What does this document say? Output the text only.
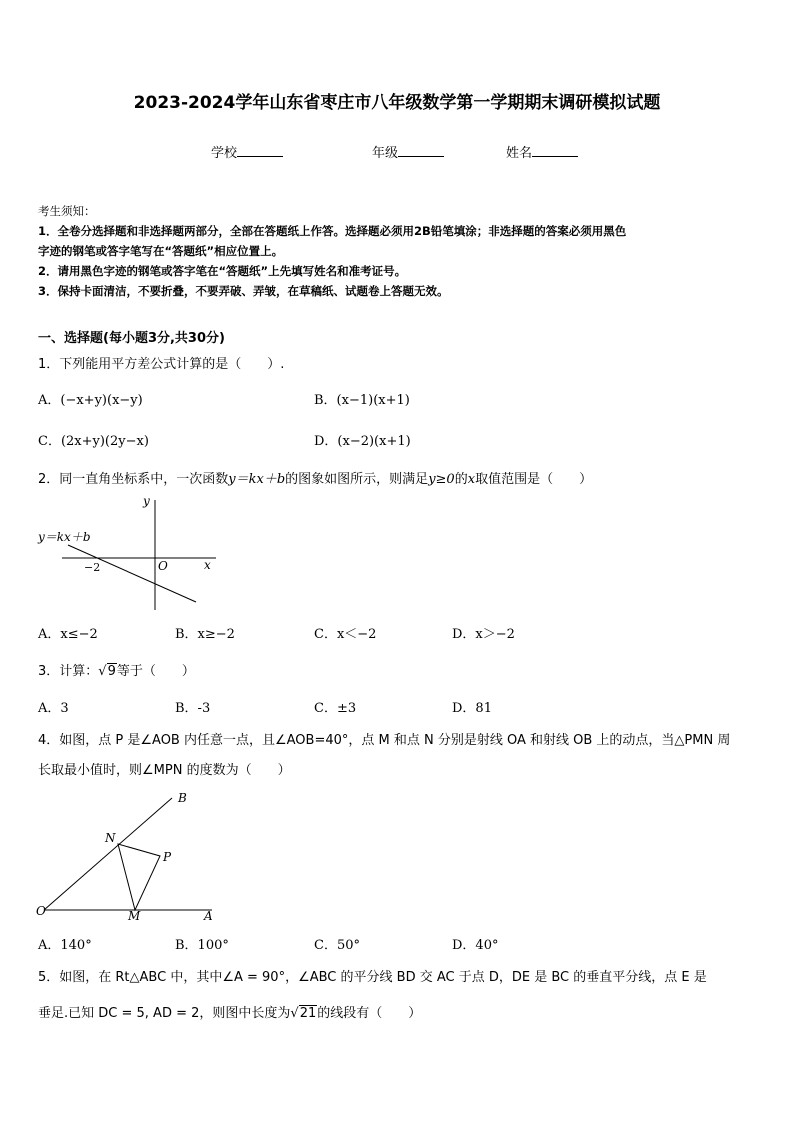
2023-2024学年山东省枣庄市八年级数学第一学期期末调研模拟试题
学校	年级	姓名
考生须知：
1．全卷分选择题和非选择题两部分，全部在答题纸上作答。选择题必须用2B铅笔填涂；非选择题的答案必须用黑色
字迹的钢笔或答字笔写在“答题纸”相应位置上。
2．请用黑色字迹的钢笔或答字笔在“答题纸”上先填写姓名和准考证号。
3．保持卡面清洁，不要折叠，不要弄破、弄皱，在草稿纸、试题卷上答题无效。
一、选择题(每小题3分,共30分)
1．下列能用平方差公式计算的是（　　）.
A．(−x+y)(x−y)	B．(x−1)(x+1)
C．(2x+y)(2y−x)	D．(x−2)(x+1)
2．同一直角坐标系中，一次函数y＝kx＋b的图象如图所示，则满足y≥0的x取值范围是（　　）
y＝kx＋b
y
x
O
−2
A．x≤−2	B．x≥−2	C．x＜−2	D．x＞−2
3．计算：√9等于（　　）
A．3	B．-3	C．±3	D．81
4．如图，点 P 是∠AOB 内任意一点，且∠AOB=40°，点 M 和点 N 分别是射线 OA 和射线 OB 上的动点，当△PMN 周
长取最小值时，则∠MPN 的度数为（　　）
B
N
P
O	M	A
A．140°	B．100°	C．50°	D．40°
5．如图，在 Rt△ABC 中，其中∠A = 90°，∠ABC 的平分线 BD 交 AC 于点 D，DE 是 BC 的垂直平分线，点 E 是
垂足.已知 DC = 5, AD = 2，则图中长度为√21的线段有（　　）
